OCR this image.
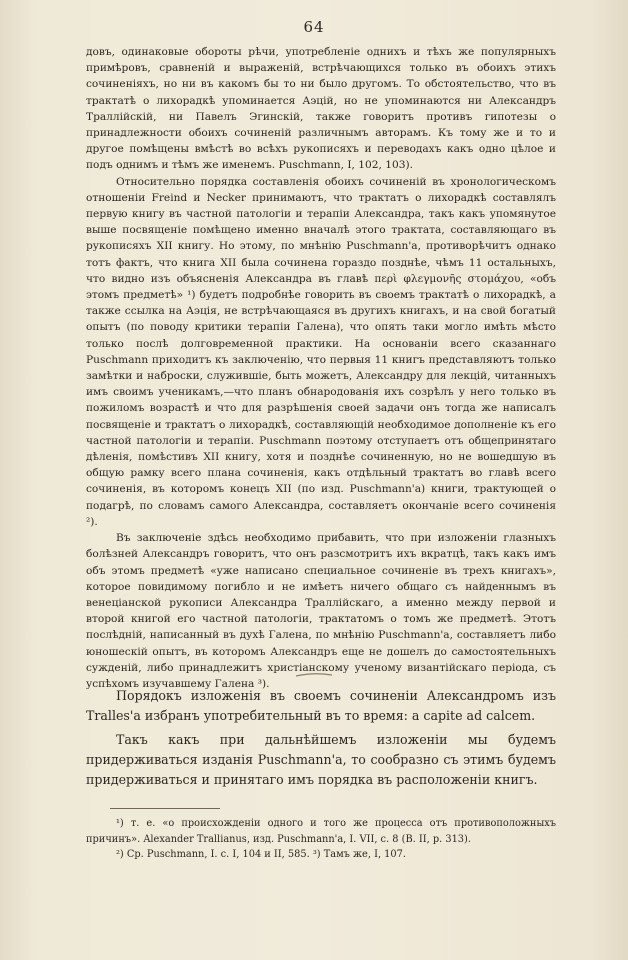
64

довъ, одинаковые обороты рѣчи, употребленіе однихъ и тѣхъ же популярныхъ примѣровъ, сравненій и выраженій, встрѣчающихся только въ обоихъ этихъ сочиненіяхъ, но ни въ какомъ бы то ни было другомъ. То обстоятельство, что въ трактатѣ о лихорадкѣ упоминается Аэцій, но не упоминаются ни Александръ Траллійскій, ни Павелъ Эгинскій, также говоритъ противъ гипотезы о принадлежности обоихъ сочиненій различнымъ авторамъ. Къ тому же и то и другое помѣщены вмѣстѣ во всѣхъ рукописяхъ и переводахъ какъ одно цѣлое и подъ однимъ и тѣмъ же именемъ. Puschmann, I, 102, 103).

Относительно порядка составленія обоихъ сочиненій въ хронологическомъ отношеніи Freind и Necker принимаютъ, что трактатъ о лихорадкѣ составлялъ первую книгу въ частной патологіи и терапіи Александра, такъ какъ упомянутое выше посвященіе помѣщено именно вначалѣ этого трактата, составляющаго въ рукописяхъ XII книгу. Но этому, по мнѣнію Puschmann'а, противорѣчитъ однако тотъ фактъ, что книга XII была сочинена гораздо позднѣе, чѣмъ 11 остальныхъ, что видно изъ объясненія Александра въ главѣ περὶ φλεγμονῆς στομάχου, «объ этомъ предметѣ» ¹) будетъ подробнѣе говорить въ своемъ трактатѣ о лихорадкѣ, а также ссылка на Аэція, не встрѣчающаяся въ другихъ книгахъ, и на свой богатый опытъ (по поводу критики терапіи Галена), что опять таки могло имѣть мѣсто только послѣ долговременной практики. На основаніи всего сказаннаго Puschmann приходитъ къ заключенію, что первыя 11 книгъ представляютъ только замѣтки и наброски, служившіе, быть можетъ, Александру для лекцій, читанныхъ имъ своимъ ученикамъ,—что планъ обнародованія ихъ созрѣлъ у него только въ пожиломъ возрастѣ и что для разрѣшенія своей задачи онъ тогда же написалъ посвященіе и трактатъ о лихорадкѣ, составляющій необходимое дополненіе къ его частной патологіи и терапіи. Puschmann поэтому отступаетъ отъ общепринятаго дѣленія, помѣстивъ XII книгу, хотя и позднѣе сочиненную, но не вошедшую въ общую рамку всего плана сочиненія, какъ отдѣльный трактатъ во главѣ всего сочиненія, въ которомъ конецъ XII (по изд. Puschmann'а) книги, трактующей о подагрѣ, по словамъ самого Александра, составляетъ окончаніе всего сочиненія ²).

Въ заключеніе здѣсь необходимо прибавить, что при изложеніи глазныхъ болѣзней Александръ говоритъ, что онъ разсмотритъ ихъ вкратцѣ, такъ какъ имъ объ этомъ предметѣ «уже написано специальное сочиненіе въ трехъ книгахъ», которое повидимому погибло и не имѣетъ ничего общаго съ найденнымъ въ венеціанской рукописи Александра Траллійскаго, а именно между первой и второй книгой его частной патологіи, трактатомъ о томъ же предметѣ. Этотъ послѣдній, написанный въ духѣ Галена, по мнѣнію Puschmann'а, составляетъ либо юношескій опытъ, въ которомъ Александръ еще не дошелъ до самостоятельныхъ сужденій, либо принадлежитъ христіанскому ученому византійскаго періода, съ успѣхомъ изучавшему Галена ³).

Порядокъ изложенія въ своемъ сочиненіи Александромъ изъ Tralles'а избранъ употребительный въ то время: a capite ad calcem.

Такъ какъ при дальнѣйшемъ изложеніи мы будемъ придерживаться изданія Puschmann'а, то сообразно съ этимъ будемъ придерживаться и принятаго имъ порядка въ расположеніи книгъ.

¹) т. е. «о происхожденіи одного и того же процесса отъ противоположныхъ причинъ». Alexander Trallianus, изд. Puschmann'а, I. VII, c. 8 (В. II, p. 313).

²) Ср. Puschmann, I. c. I, 104 и II, 585. ³) Тамъ же, I, 107.
